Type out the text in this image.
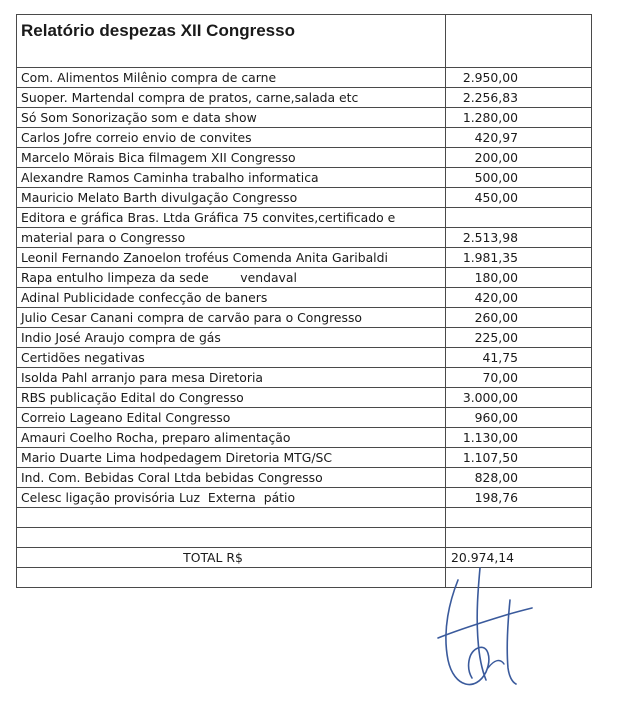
Relatório despezas XII Congresso	
Com. Alimentos Milênio compra de carne	2.950,00
Suoper. Martendal compra de pratos, carne,salada etc	2.256,83
Só Som Sonorização som e data show	1.280,00
Carlos Jofre correio envio de convites	420,97
Marcelo Mörais Bica filmagem XII Congresso	200,00
Alexandre Ramos Caminha trabalho informatica	500,00
Mauricio Melato Barth divulgação Congresso	450,00
Editora e gráfica Bras. Ltda Gráfica 75 convites,certificado e	
material para o Congresso	2.513,98
Leonil Fernando Zanoelon troféus Comenda Anita Garibaldi	1.981,35
Rapa entulho limpeza da sede        vendaval	180,00
Adinal Publicidade confecção de baners	420,00
Julio Cesar Canani compra de carvão para o Congresso	260,00
Indio José Araujo compra de gás	225,00
Certidões negativas	41,75
Isolda Pahl arranjo para mesa Diretoria	70,00
RBS publicação Edital do Congresso	3.000,00
Correio Lageano Edital Congresso	960,00
Amauri Coelho Rocha, preparo alimentação	1.130,00
Mario Duarte Lima hodpedagem Diretoria MTG/SC	1.107,50
Ind. Com. Bebidas Coral Ltda bebidas Congresso	828,00
Celesc ligação provisória Luz  Externa  pátio	198,76

TOTAL R$	20.974,14
